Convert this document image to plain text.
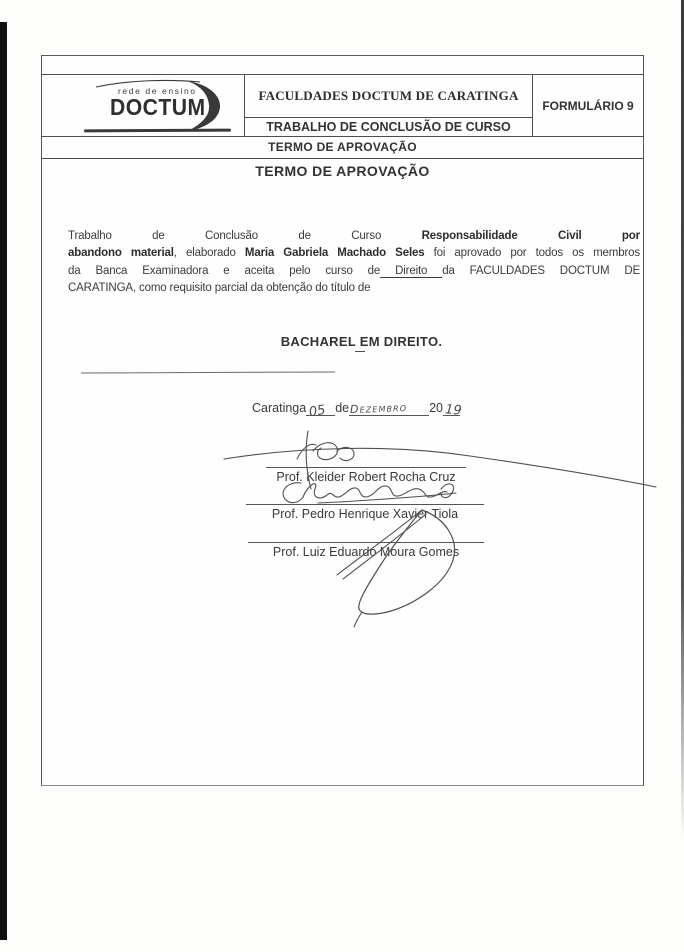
rede de ensino
DOCTUM	FACULDADES DOCTUM DE CARATINGA
TRABALHO DE CONCLUSÃO DE CURSO
FORMULÁRIO 9
TERMO DE APROVAÇÃO
TERMO DE APROVAÇÃO
Trabalho de Conclusão de Curso Responsabilidade Civil por
abandono material, elaborado Maria Gabriela Machado Seles foi aprovado por todos os membros
da Banca Examinadora e aceita pelo curso de Direito da FACULDADES DOCTUM DE
CARATINGA, como requisito parcial da obtenção do título de
BACHAREL EM DIREITO.
Caratinga 05 de Dezembro 20 19
Prof. Kleider Robert Rocha Cruz
Prof. Pedro Henrique Xavier Tiola
Prof. Luiz Eduardo Moura Gomes
